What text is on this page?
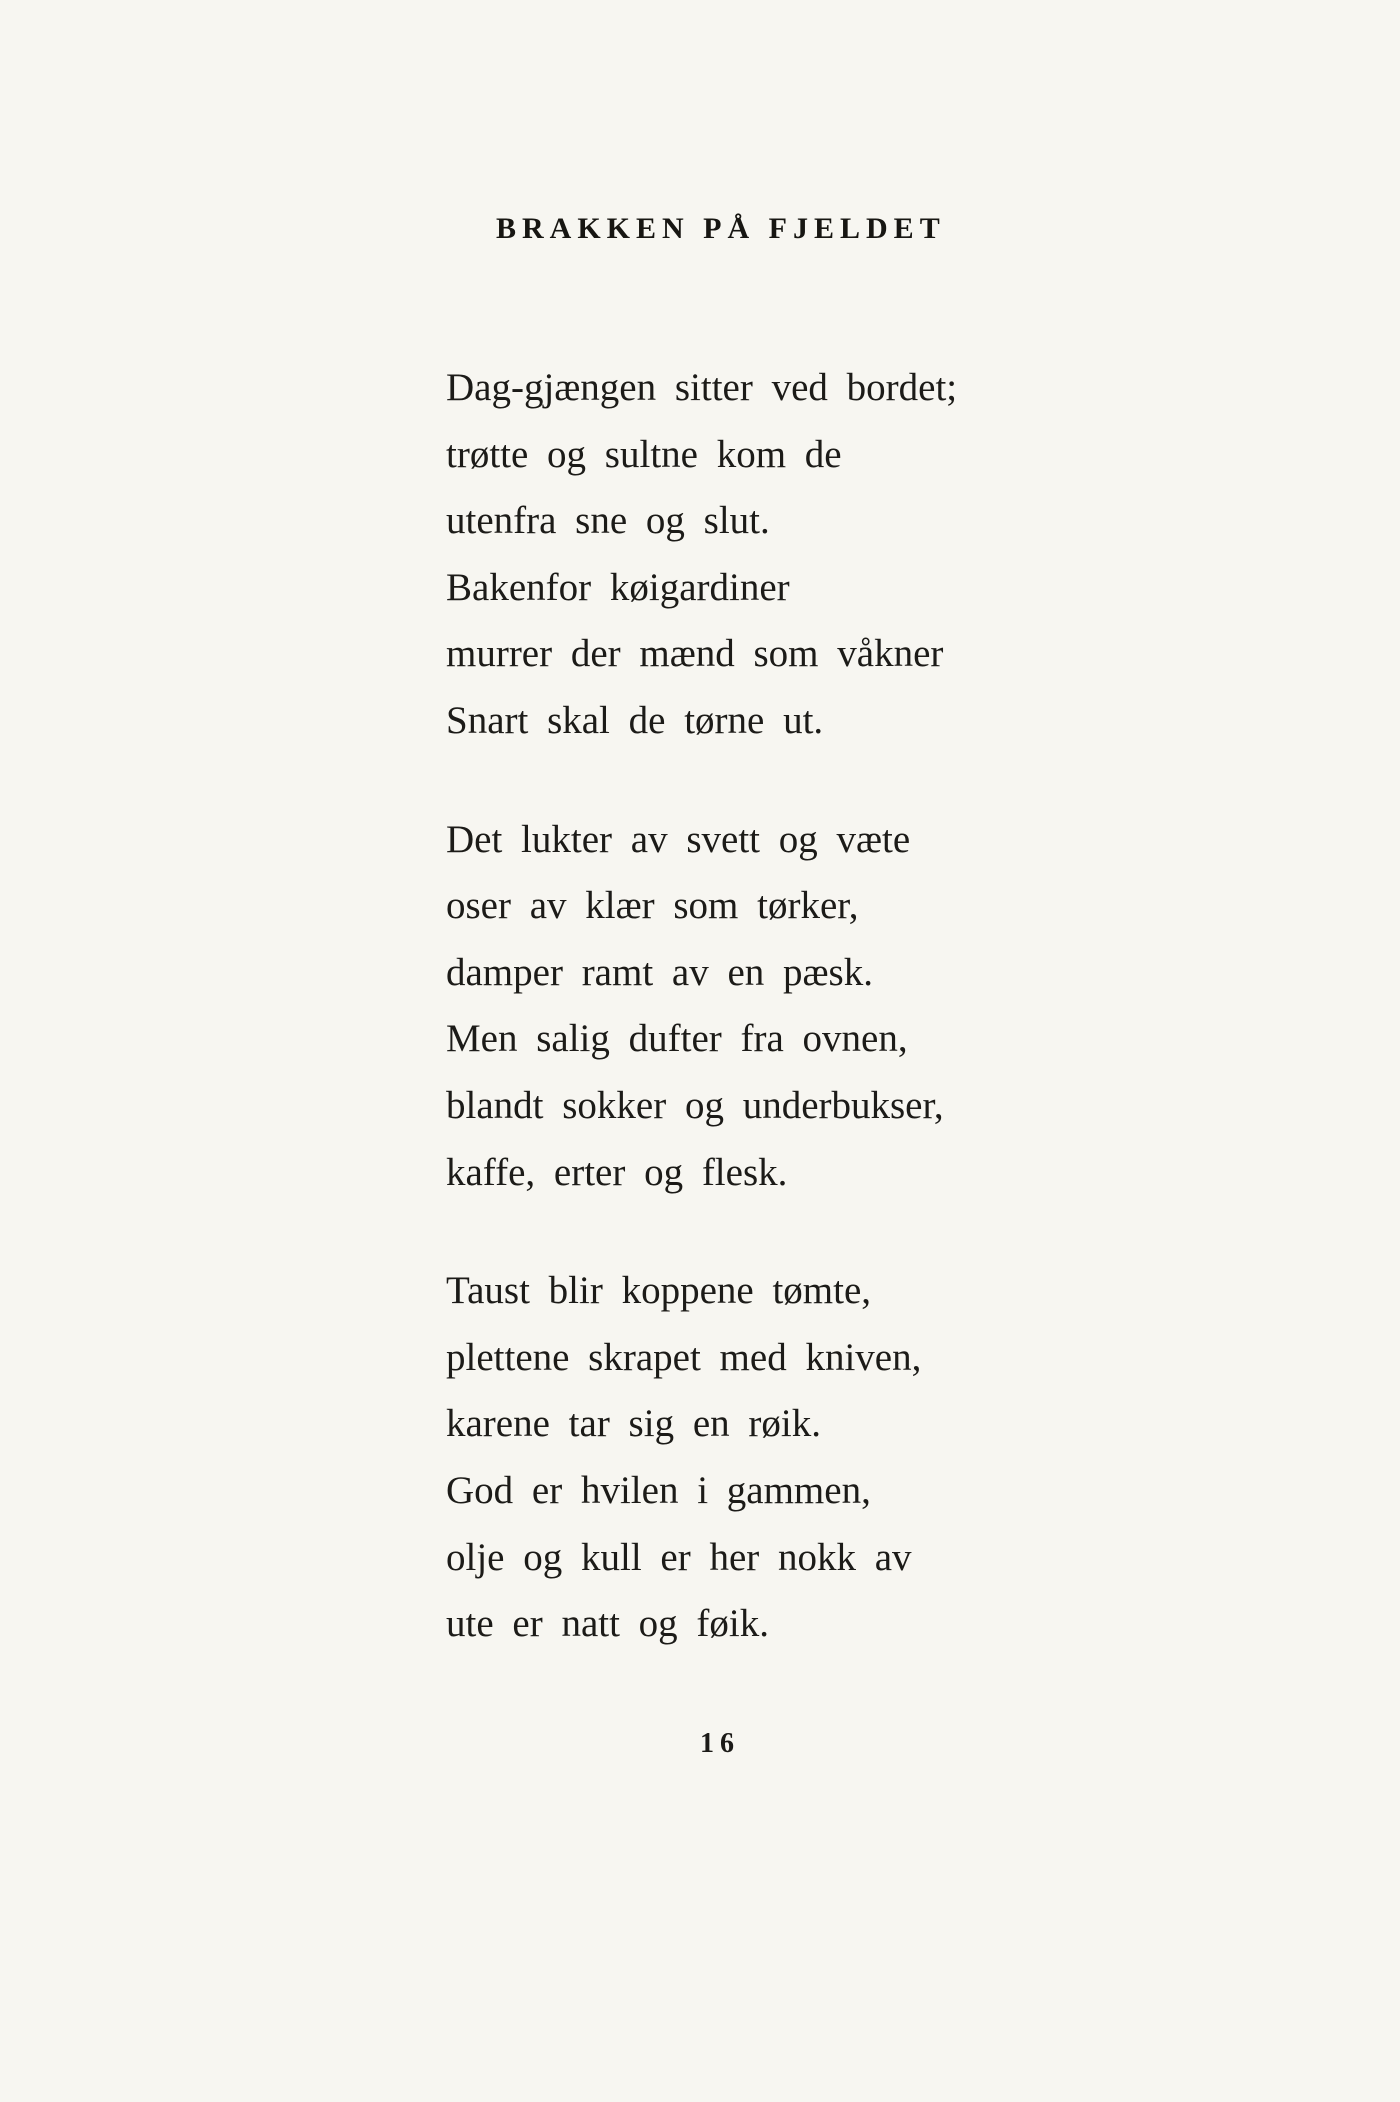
BRAKKEN PÅ FJELDET
Dag-gjængen sitter ved bordet;
trøtte og sultne kom de
utenfra sne og slut.
Bakenfor køigardiner
murrer der mænd som våkner
Snart skal de tørne ut.
Det lukter av svett og væte
oser av klær som tørker,
damper ramt av en pæsk.
Men salig dufter fra ovnen,
blandt sokker og underbukser,
kaffe, erter og flesk.
Taust blir koppene tømte,
plettene skrapet med kniven,
karene tar sig en røik.
God er hvilen i gammen,
olje og kull er her nokk av
ute er natt og føik.
16
